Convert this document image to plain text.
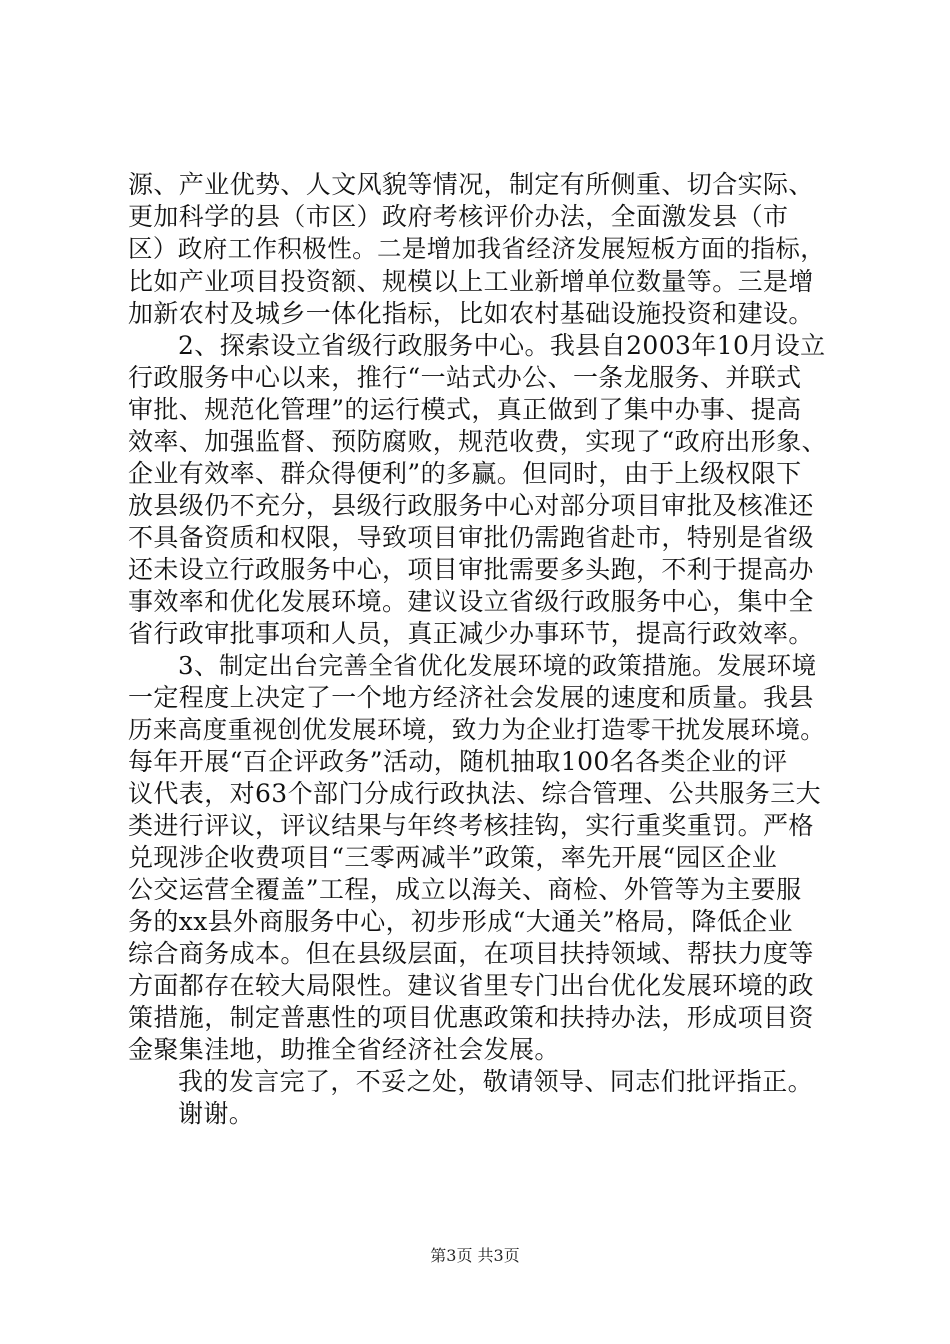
源、产业优势、人文风貌等情况，制定有所侧重、切合实际、
更加科学的县（市区）政府考核评价办法，全面激发县（市
区）政府工作积极性。二是增加我省经济发展短板方面的指标，
比如产业项目投资额、规模以上工业新增单位数量等。三是增
加新农村及城乡一体化指标，比如农村基础设施投资和建设。
2、探索设立省级行政服务中心。我县自2003年10月设立
行政服务中心以来，推行“一站式办公、一条龙服务、并联式
审批、规范化管理”的运行模式，真正做到了集中办事、提高
效率、加强监督、预防腐败，规范收费，实现了“政府出形象、
企业有效率、群众得便利”的多赢。但同时，由于上级权限下
放县级仍不充分，县级行政服务中心对部分项目审批及核准还
不具备资质和权限，导致项目审批仍需跑省赴市，特别是省级
还未设立行政服务中心，项目审批需要多头跑，不利于提高办
事效率和优化发展环境。建议设立省级行政服务中心，集中全
省行政审批事项和人员，真正减少办事环节，提高行政效率。
3、制定出台完善全省优化发展环境的政策措施。发展环境
一定程度上决定了一个地方经济社会发展的速度和质量。我县
历来高度重视创优发展环境，致力为企业打造零干扰发展环境。
每年开展“百企评政务”活动，随机抽取100名各类企业的评
议代表，对63个部门分成行政执法、综合管理、公共服务三大
类进行评议，评议结果与年终考核挂钩，实行重奖重罚。严格
兑现涉企收费项目“三零两减半”政策，率先开展“园区企业
公交运营全覆盖”工程，成立以海关、商检、外管等为主要服
务的xx县外商服务中心，初步形成“大通关”格局，降低企业
综合商务成本。但在县级层面，在项目扶持领域、帮扶力度等
方面都存在较大局限性。建议省里专门出台优化发展环境的政
策措施，制定普惠性的项目优惠政策和扶持办法，形成项目资
金聚集洼地，助推全省经济社会发展。
我的发言完了，不妥之处，敬请领导、同志们批评指正。
谢谢。
第3页 共3页
